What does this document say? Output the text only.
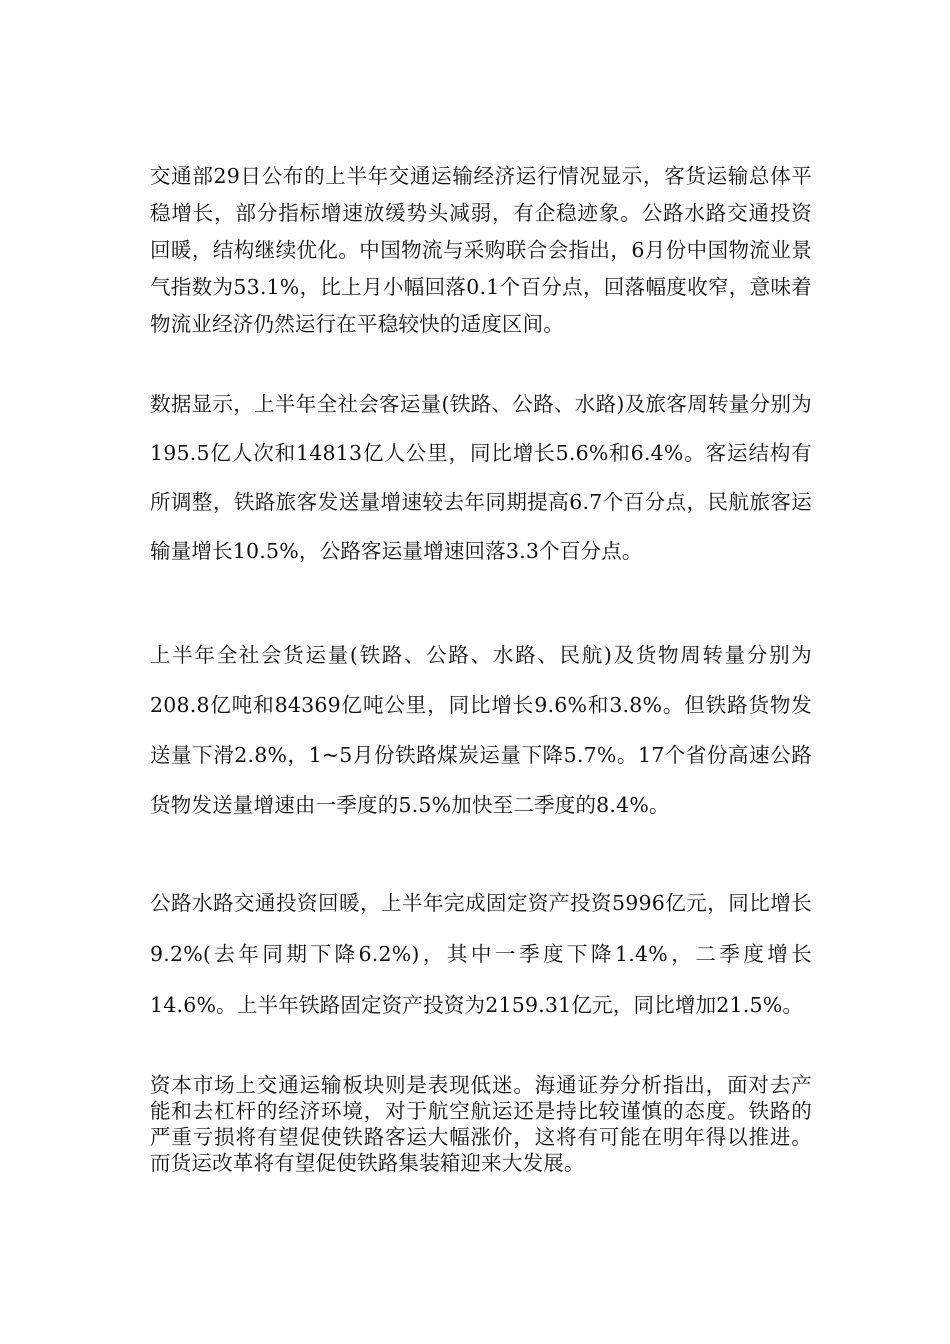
交通部29日公布的上半年交通运输经济运行情况显示，客货运输总体平稳增长，部分指标增速放缓势头减弱，有企稳迹象。公路水路交通投资回暖，结构继续优化。中国物流与采购联合会指出，6月份中国物流业景气指数为53.1%，比上月小幅回落0.1个百分点，回落幅度收窄，意味着物流业经济仍然运行在平稳较快的适度区间。

数据显示，上半年全社会客运量(铁路、公路、水路)及旅客周转量分别为195.5亿人次和14813亿人公里，同比增长5.6%和6.4%。客运结构有所调整，铁路旅客发送量增速较去年同期提高6.7个百分点，民航旅客运输量增长10.5%，公路客运量增速回落3.3个百分点。

上半年全社会货运量(铁路、公路、水路、民航)及货物周转量分别为208.8亿吨和84369亿吨公里，同比增长9.6%和3.8%。但铁路货物发送量下滑2.8%，1~5月份铁路煤炭运量下降5.7%。17个省份高速公路货物发送量增速由一季度的5.5%加快至二季度的8.4%。

公路水路交通投资回暖，上半年完成固定资产投资5996亿元，同比增长9.2%(去年同期下降6.2%)，其中一季度下降1.4%，二季度增长14.6%。上半年铁路固定资产投资为2159.31亿元，同比增加21.5%。

资本市场上交通运输板块则是表现低迷。海通证券分析指出，面对去产能和去杠杆的经济环境，对于航空航运还是持比较谨慎的态度。铁路的严重亏损将有望促使铁路客运大幅涨价，这将有可能在明年得以推进。而货运改革将有望促使铁路集装箱迎来大发展。
